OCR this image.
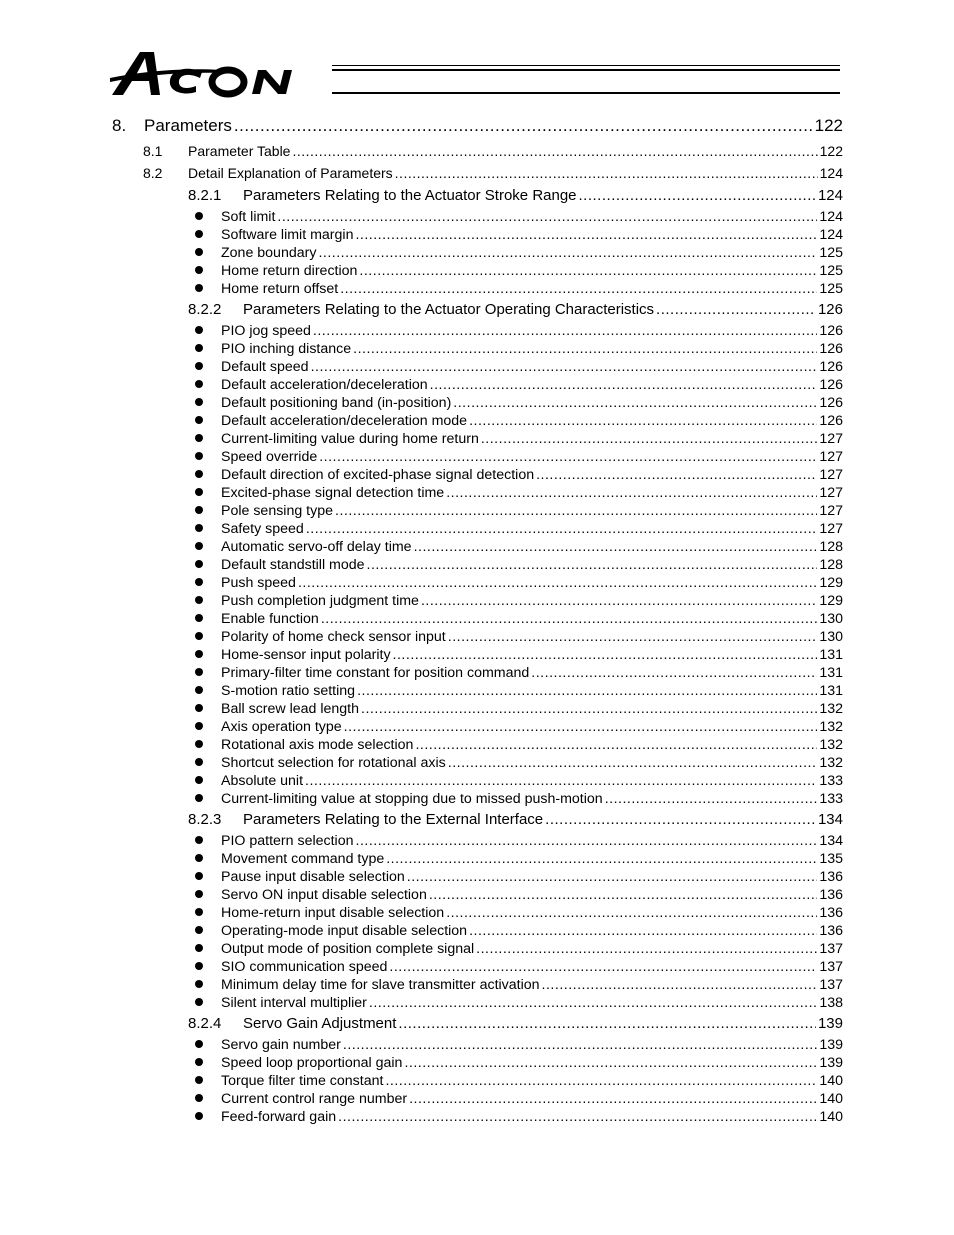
8.	Parameters .....	122
8.1	Parameter Table .....	122
8.2	Detail Explanation of Parameters .....	124
8.2.1	Parameters Relating to the Actuator Stroke Range .....	124
Soft limit .....	124
Software limit margin .....	124
Zone boundary .....	125
Home return direction .....	125
Home return offset .....	125
8.2.2	Parameters Relating to the Actuator Operating Characteristics .....	126
PIO jog speed .....	126
PIO inching distance .....	126
Default speed .....	126
Default acceleration/deceleration .....	126
Default positioning band (in-position) .....	126
Default acceleration/deceleration mode .....	126
Current-limiting value during home return .....	127
Speed override .....	127
Default direction of excited-phase signal detection .....	127
Excited-phase signal detection time .....	127
Pole sensing type .....	127
Safety speed .....	127
Automatic servo-off delay time .....	128
Default standstill mode .....	128
Push speed .....	129
Push completion judgment time .....	129
Enable function .....	130
Polarity of home check sensor input .....	130
Home-sensor input polarity .....	131
Primary-filter time constant for position command .....	131
S-motion ratio setting .....	131
Ball screw lead length .....	132
Axis operation type .....	132
Rotational axis mode selection .....	132
Shortcut selection for rotational axis .....	132
Absolute unit .....	133
Current-limiting value at stopping due to missed push-motion .....	133
8.2.3	Parameters Relating to the External Interface .....	134
PIO pattern selection .....	134
Movement command type .....	135
Pause input disable selection .....	136
Servo ON input disable selection .....	136
Home-return input disable selection .....	136
Operating-mode input disable selection .....	136
Output mode of position complete signal .....	137
SIO communication speed .....	137
Minimum delay time for slave transmitter activation .....	137
Silent interval multiplier .....	138
8.2.4	Servo Gain Adjustment .....	139
Servo gain number .....	139
Speed loop proportional gain .....	139
Torque filter time constant .....	140
Current control range number .....	140
Feed-forward gain .....	140
